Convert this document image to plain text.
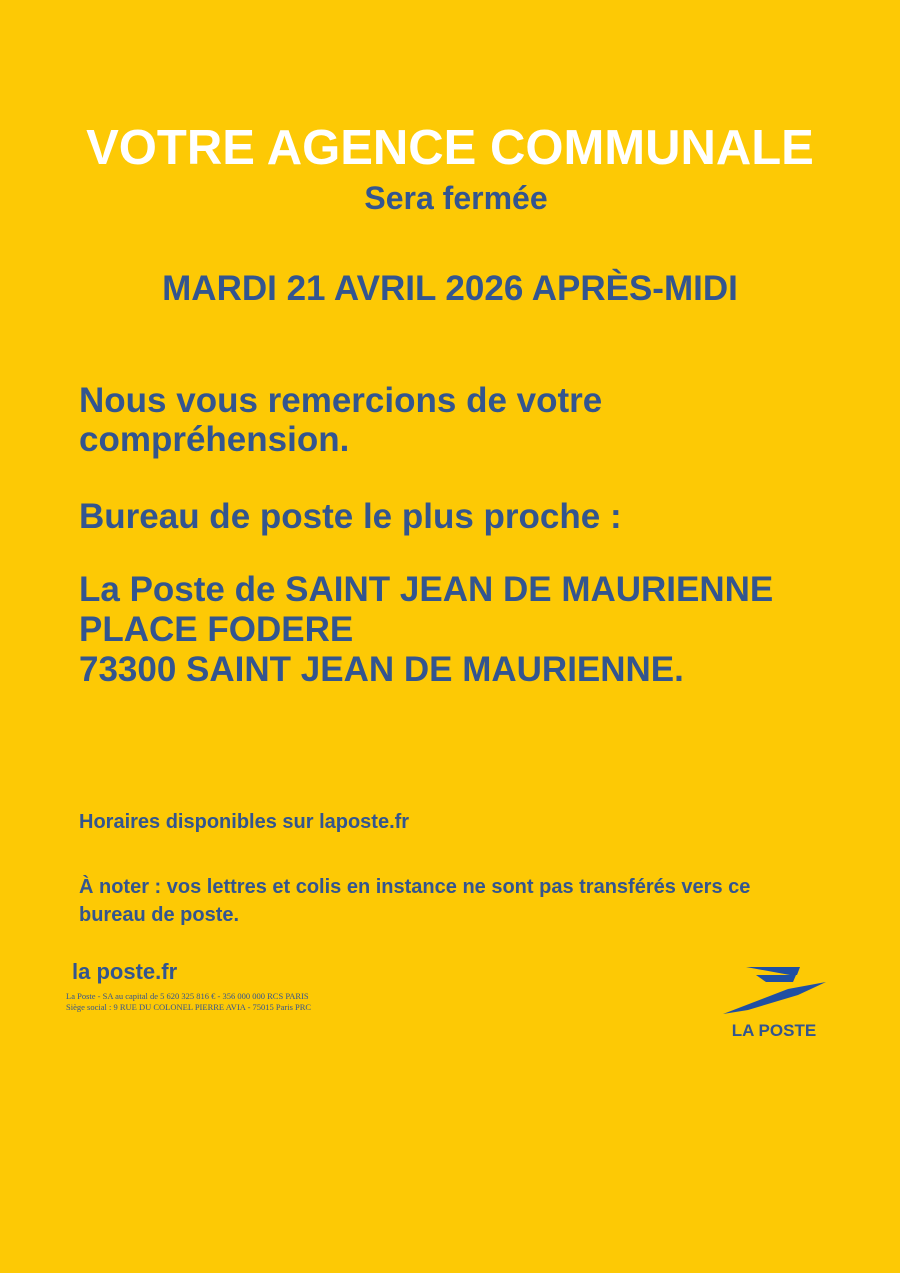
VOTRE AGENCE COMMUNALE
Sera fermée
MARDI 21 AVRIL 2026 APRÈS-MIDI
Nous vous remercions de votre compréhension.
Bureau de poste le plus proche :
La Poste de SAINT JEAN DE MAURIENNE
PLACE FODERE
73300 SAINT JEAN DE MAURIENNE.
Horaires disponibles sur laposte.fr
À noter : vos lettres et colis en instance ne sont pas transférés vers ce bureau de poste.
la poste.fr
La Poste - SA au capital de 5 620 325 816 € - 356 000 000 RCS PARIS
Siège social : 9 RUE DU COLONEL PIERRE AVIA - 75015 Paris PRC
LA POSTE
